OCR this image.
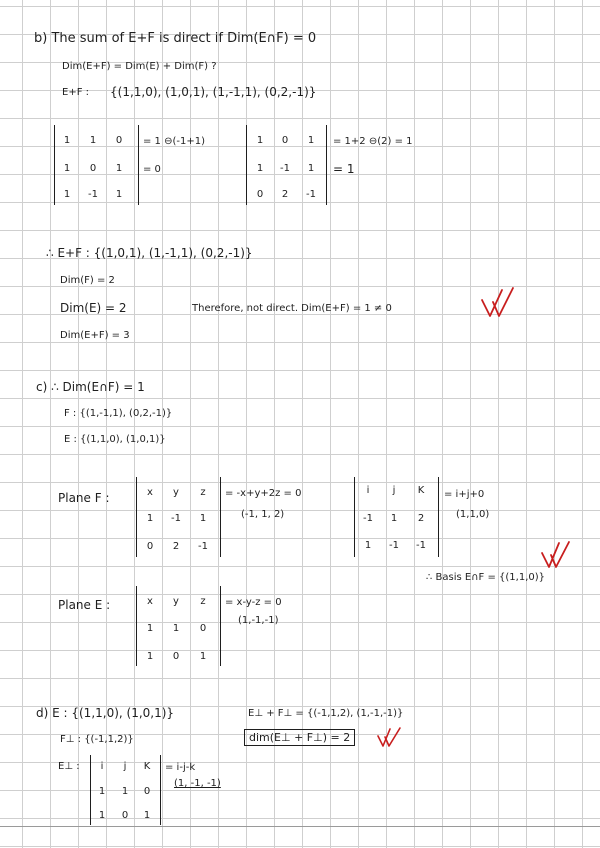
b) The sum of E+F is direct if Dim(E∩F) = 0
Dim(E+F) = Dim(E) + Dim(F) ?
E+F : {(1,1,0), (1,0,1), (1,-1,1), (0,2,-1)}
1	1	0
1	0	1
1	-1	1
= 1 ⊖(-1+1)
= 0
1	0	1
1	-1	1
0	2	-1
= 1+2 ⊖(2) = 1
= 1
∴ E+F : {(1,0,1), (1,-1,1), (0,2,-1)}
Dim(F) = 2
Dim(E) = 2	Therefore, not direct. Dim(E+F) = 1 ≠ 0
Dim(E+F) = 3
c) ∴ Dim(E∩F) = 1
F : {(1,-1,1), (0,2,-1)}
E : {(1,1,0), (1,0,1)}
Plane F :	x	y	z
1	-1	1
0	2	-1
= -x+y+2z = 0
(-1, 1, 2)
i	j	K
-1	1	2
1	-1	-1
= i+j+0
(1,1,0)
∴ Basis E∩F = {(1,1,0)}
Plane E :	x	y	z
1	1	0
1	0	1
= x-y-z = 0
(1,-1,-1)
d) E : {(1,1,0), (1,0,1)}	E⊥ + F⊥ = {(-1,1,2), (1,-1,-1)}
F⊥ : {(-1,1,2)}	dim(E⊥ + F⊥) = 2
E⊥ :	i	j	K
1	1	0
1	0	1
= i-j-k
(1, -1, -1)
